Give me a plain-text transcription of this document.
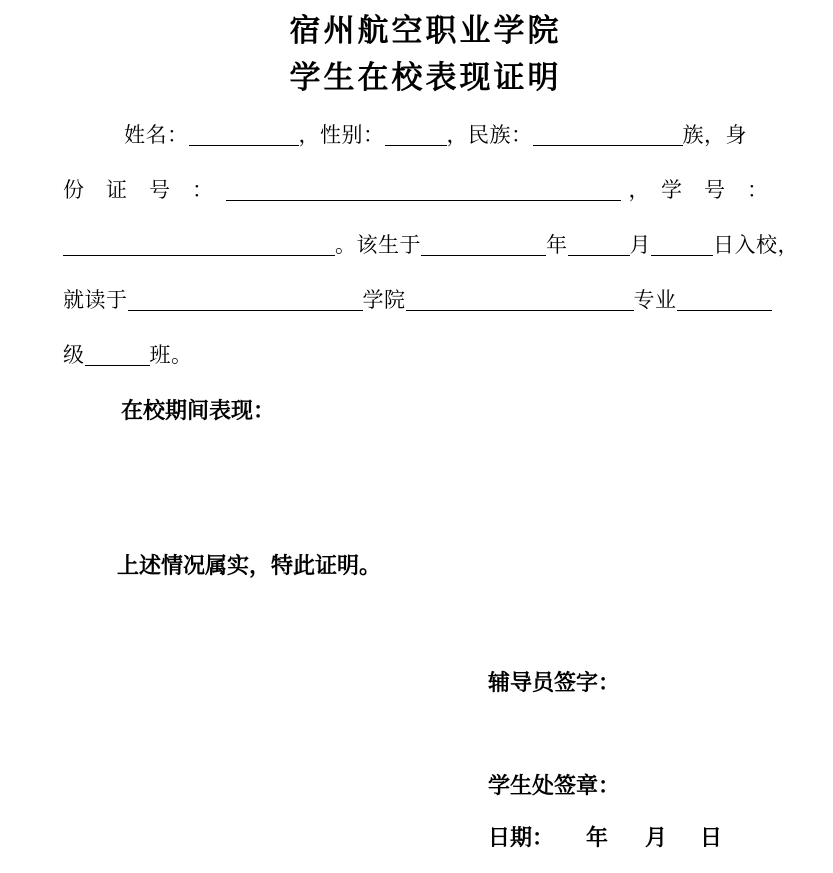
宿州航空职业学院
学生在校表现证明
姓名：	，性别：	，民族：	族，身
份　证　号　：	，　学　号　：
。该生于	年	月	日入校，
就读于	学院	专业
级	班。
在校期间表现：
上述情况属实，特此证明。
辅导员签字：
学生处签章：
日期： 年 月 日
